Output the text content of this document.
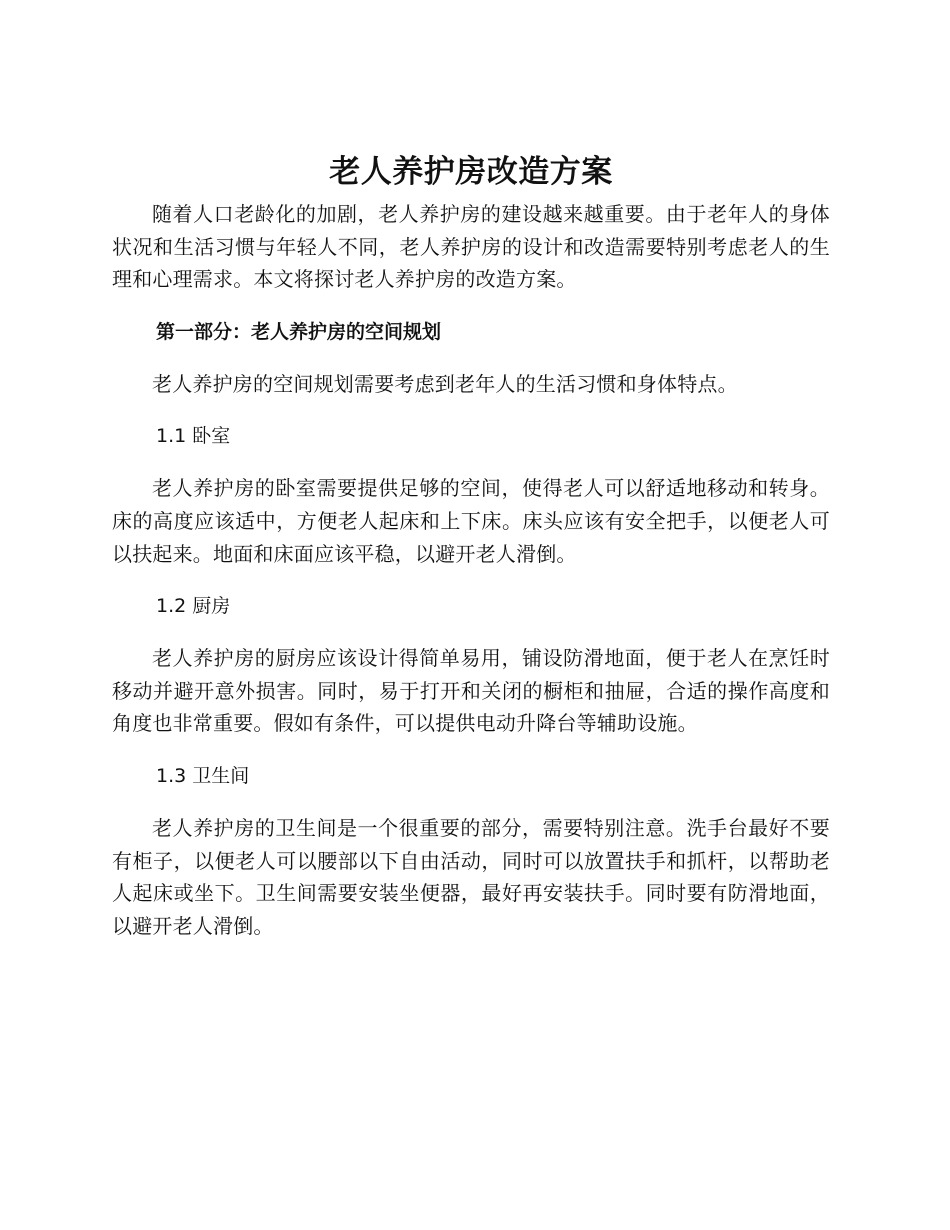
老人养护房改造方案

随着人口老龄化的加剧，老人养护房的建设越来越重要。由于老年人的身体状况和生活习惯与年轻人不同，老人养护房的设计和改造需要特别考虑老人的生理和心理需求。本文将探讨老人养护房的改造方案。

第一部分：老人养护房的空间规划

老人养护房的空间规划需要考虑到老年人的生活习惯和身体特点。

1.1 卧室

老人养护房的卧室需要提供足够的空间，使得老人可以舒适地移动和转身。床的高度应该适中，方便老人起床和上下床。床头应该有安全把手，以便老人可以扶起来。地面和床面应该平稳，以避开老人滑倒。

1.2 厨房

老人养护房的厨房应该设计得简单易用，铺设防滑地面，便于老人在烹饪时移动并避开意外损害。同时，易于打开和关闭的橱柜和抽屉，合适的操作高度和角度也非常重要。假如有条件，可以提供电动升降台等辅助设施。

1.3 卫生间

老人养护房的卫生间是一个很重要的部分，需要特别注意。洗手台最好不要有柜子，以便老人可以腰部以下自由活动，同时可以放置扶手和抓杆，以帮助老人起床或坐下。卫生间需要安装坐便器，最好再安装扶手。同时要有防滑地面，以避开老人滑倒。
